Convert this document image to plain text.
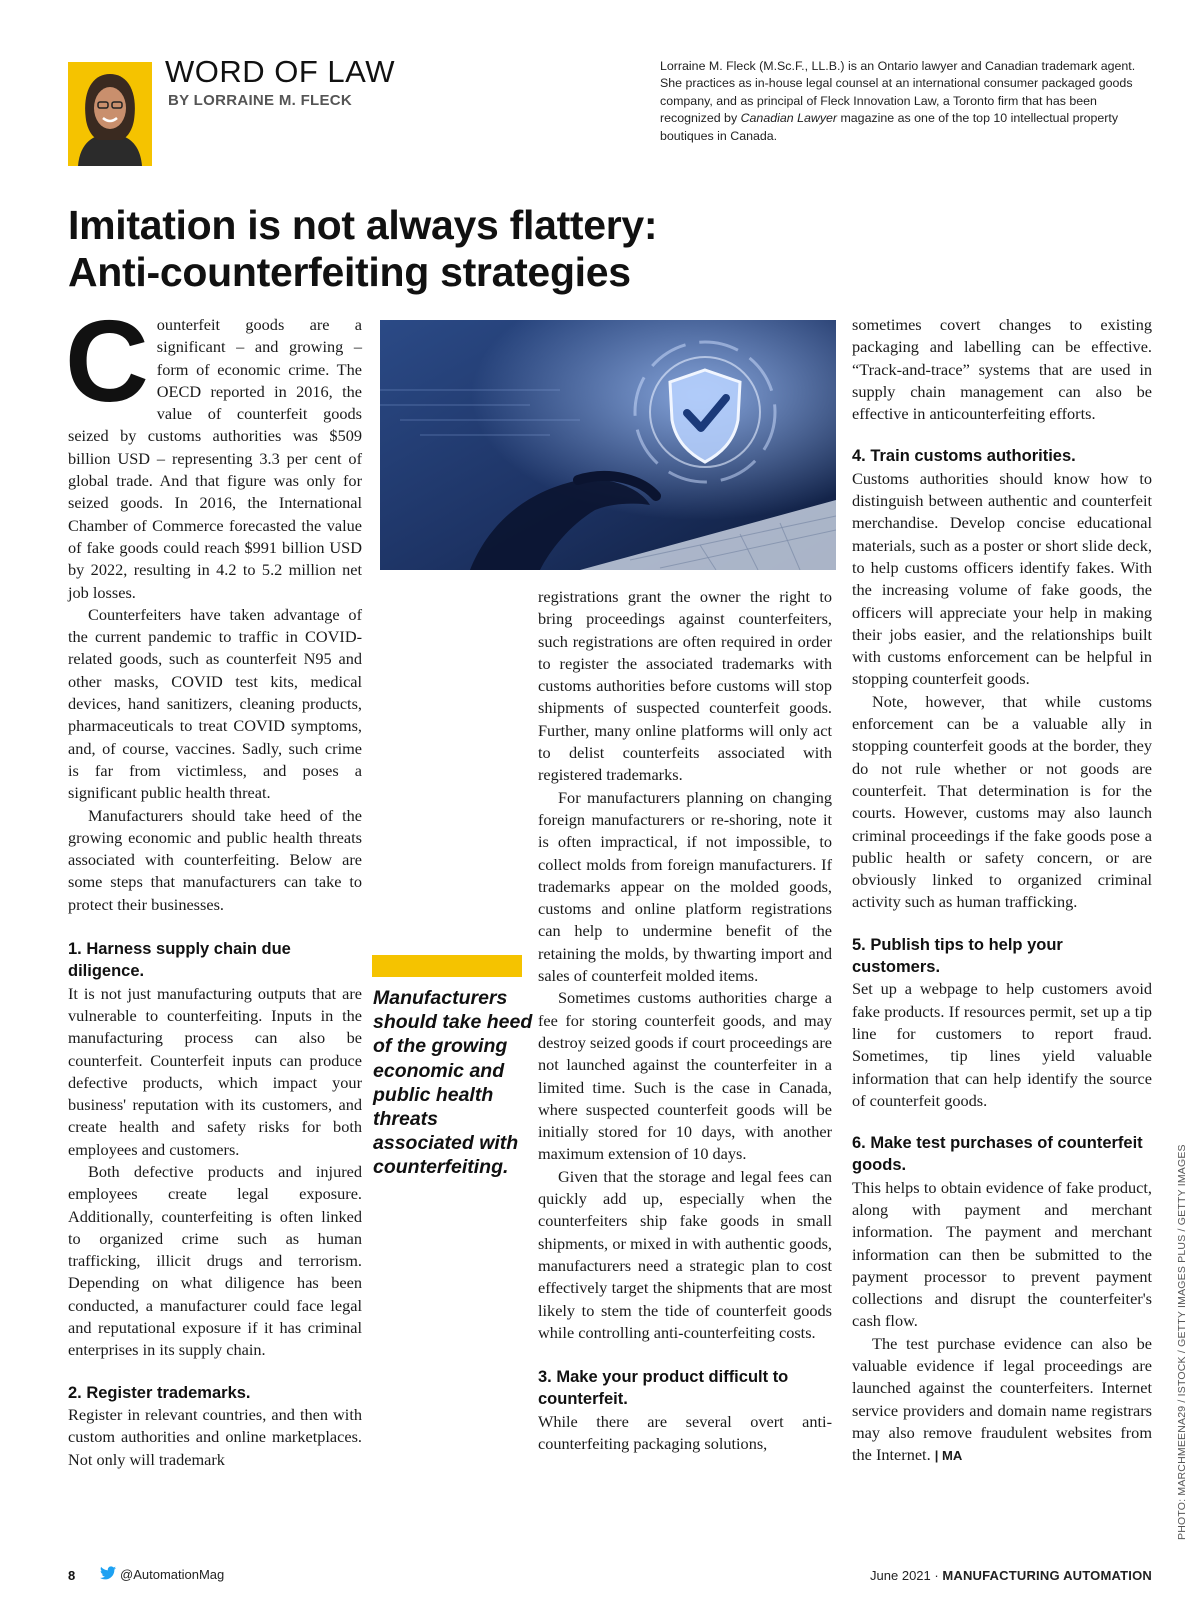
WORD OF LAW
BY LORRAINE M. FLECK
Lorraine M. Fleck (M.Sc.F., LL.B.) is an Ontario lawyer and Canadian trademark agent. She practices as in-house legal counsel at an international consumer packaged goods company, and as principal of Fleck Innovation Law, a Toronto firm that has been recognized by Canadian Lawyer magazine as one of the top 10 intellectual property boutiques in Canada.
Imitation is not always flattery:
Anti-counterfeiting strategies

Counterfeit goods are a significant – and growing – form of economic crime. The OECD reported in 2016, the value of counterfeit goods seized by customs authorities was $509 billion USD – representing 3.3 per cent of global trade. And that figure was only for seized goods. In 2016, the International Chamber of Commerce forecasted the value of fake goods could reach $991 billion USD by 2022, resulting in 4.2 to 5.2 million net job losses.

Counterfeiters have taken advantage of the current pandemic to traffic in COVID-related goods, such as counterfeit N95 and other masks, COVID test kits, medical devices, hand sanitizers, cleaning products, pharmaceuticals to treat COVID symptoms, and, of course, vaccines. Sadly, such crime is far from victimless, and poses a significant public health threat.

Manufacturers should take heed of the growing economic and public health threats associated with counterfeiting. Below are some steps that manufacturers can take to protect their businesses.

1. Harness supply chain due diligence.

It is not just manufacturing outputs that are vulnerable to counterfeiting. Inputs in the manufacturing process can also be counterfeit. Counterfeit inputs can produce defective products, which impact your business' reputation with its customers, and create health and safety risks for both employees and customers.

Both defective products and injured employees create legal exposure. Additionally, counterfeiting is often linked to organized crime such as human trafficking, illicit drugs and terrorism. Depending on what diligence has been conducted, a manufacturer could face legal and reputational exposure if it has criminal enterprises in its supply chain.

2. Register trademarks.

Register in relevant countries, and then with custom authorities and online marketplaces. Not only will trademark

Manufacturers should take heed of the growing economic and public health threats associated with counterfeiting.

registrations grant the owner the right to bring proceedings against counterfeiters, such registrations are often required in order to register the associated trademarks with customs authorities before customs will stop shipments of suspected counterfeit goods. Further, many online platforms will only act to delist counterfeits associated with registered trademarks.

For manufacturers planning on changing foreign manufacturers or re-shoring, note it is often impractical, if not impossible, to collect molds from foreign manufacturers. If trademarks appear on the molded goods, customs and online platform registrations can help to undermine benefit of the retaining the molds, by thwarting import and sales of counterfeit molded items.

Sometimes customs authorities charge a fee for storing counterfeit goods, and may destroy seized goods if court proceedings are not launched against the counterfeiter in a limited time. Such is the case in Canada, where suspected counterfeit goods will be initially stored for 10 days, with another maximum extension of 10 days.

Given that the storage and legal fees can quickly add up, especially when the counterfeiters ship fake goods in small shipments, or mixed in with authentic goods, manufacturers need a strategic plan to cost effectively target the shipments that are most likely to stem the tide of counterfeit goods while controlling anti-counterfeiting costs.

3. Make your product difficult to counterfeit.

While there are several overt anti-counterfeiting packaging solutions,

sometimes covert changes to existing packaging and labelling can be effective. “Track-and-trace” systems that are used in supply chain management can also be effective in anticounterfeiting efforts.

4. Train customs authorities.

Customs authorities should know how to distinguish between authentic and counterfeit merchandise. Develop concise educational materials, such as a poster or short slide deck, to help customs officers identify fakes. With the increasing volume of fake goods, the officers will appreciate your help in making their jobs easier, and the relationships built with customs enforcement can be helpful in stopping counterfeit goods.

Note, however, that while customs enforcement can be a valuable ally in stopping counterfeit goods at the border, they do not rule whether or not goods are counterfeit. That determination is for the courts. However, customs may also launch criminal proceedings if the fake goods pose a public health or safety concern, or are obviously linked to organized criminal activity such as human trafficking.

5. Publish tips to help your customers.

Set up a webpage to help customers avoid fake products. If resources permit, set up a tip line for customers to report fraud. Sometimes, tip lines yield valuable information that can help identify the source of counterfeit goods.

6. Make test purchases of counterfeit goods.

This helps to obtain evidence of fake product, along with payment and merchant information. The payment and merchant information can then be submitted to the payment processor to prevent payment collections and disrupt the counterfeiter's cash flow.

The test purchase evidence can also be valuable evidence if legal proceedings are launched against the counterfeiters. Internet service providers and domain name registrars may also remove fraudulent websites from the Internet. | MA	PHOTO: MARCHMEENA29 / ISTOCK / GETTY IMAGES PLUS / GETTY IMAGES
8	@AutomationMag	June 2021 · MANUFACTURING AUTOMATION
